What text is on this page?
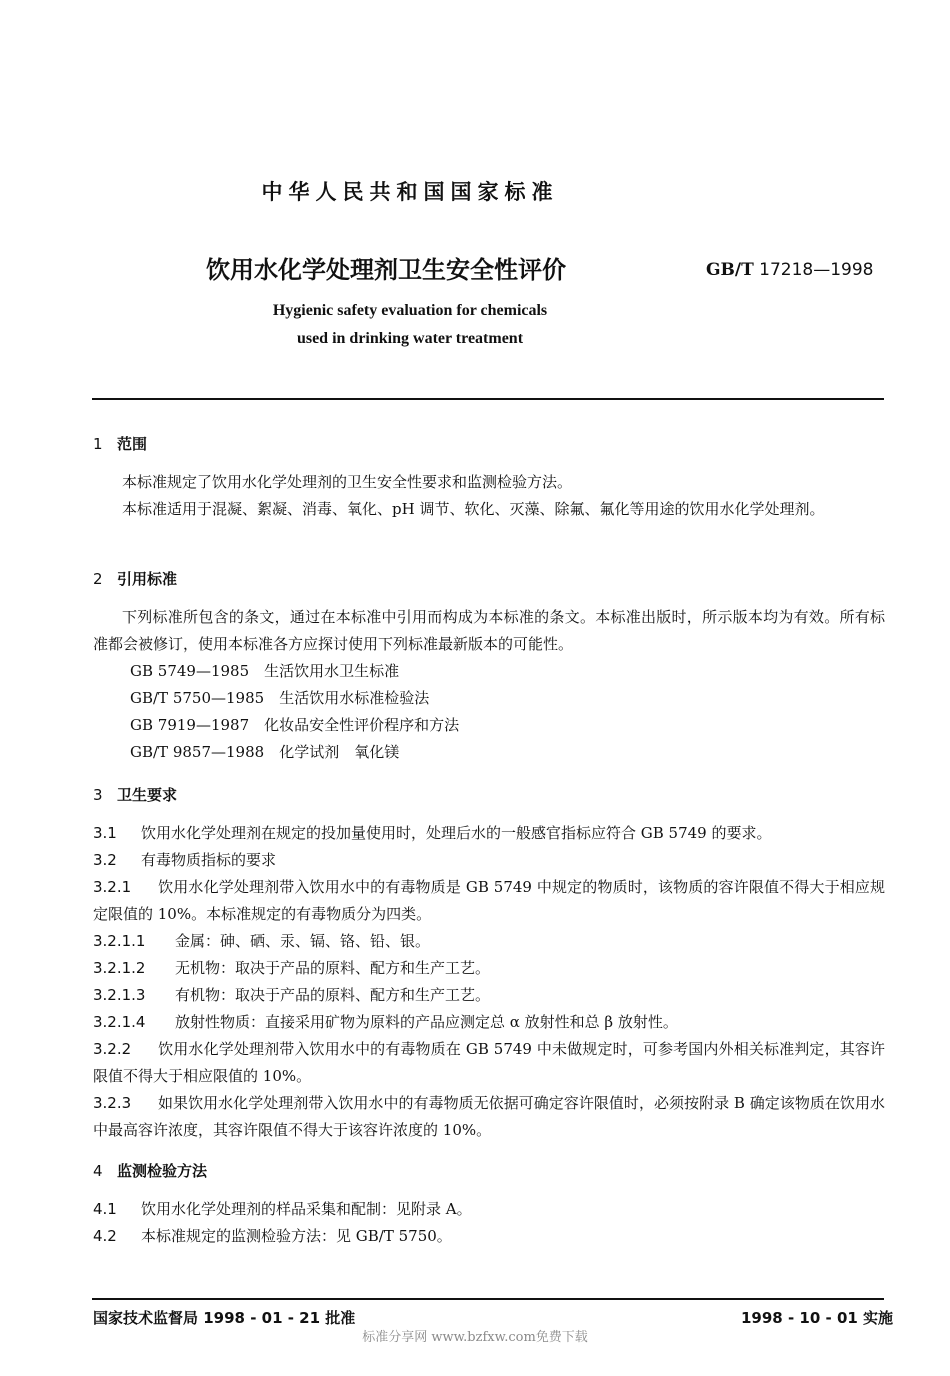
中华人民共和国国家标准
饮用水化学处理剂卫生安全性评价	GB/T 17218—1998
Hygienic safety evaluation for chemicals
used in drinking water treatment
1 范围
本标准规定了饮用水化学处理剂的卫生安全性要求和监测检验方法。
本标准适用于混凝、絮凝、消毒、氧化、pH 调节、软化、灭藻、除氟、氟化等用途的饮用水化学处理剂。
2 引用标准
下列标准所包含的条文，通过在本标准中引用而构成为本标准的条文。本标准出版时，所示版本均为有效。所有标准都会被修订，使用本标准各方应探讨使用下列标准最新版本的可能性。
GB 5749—1985　 生活饮用水卫生标准
GB/T 5750—1985　 生活饮用水标准检验法
GB 7919—1987　 化妆品安全性评价程序和方法
GB/T 9857—1988　 化学试剂　氧化镁
3 卫生要求
3.1 饮用水化学处理剂在规定的投加量使用时，处理后水的一般感官指标应符合 GB 5749 的要求。
3.2 有毒物质指标的要求
3.2.1 饮用水化学处理剂带入饮用水中的有毒物质是 GB 5749 中规定的物质时，该物质的容许限值不得大于相应规定限值的 10%。本标准规定的有毒物质分为四类。
3.2.1.1 金属：砷、硒、汞、镉、铬、铅、银。
3.2.1.2 无机物：取决于产品的原料、配方和生产工艺。
3.2.1.3 有机物：取决于产品的原料、配方和生产工艺。
3.2.1.4 放射性物质：直接采用矿物为原料的产品应测定总 α 放射性和总 β 放射性。
3.2.2 饮用水化学处理剂带入饮用水中的有毒物质在 GB 5749 中未做规定时，可参考国内外相关标准判定，其容许限值不得大于相应限值的 10%。
3.2.3 如果饮用水化学处理剂带入饮用水中的有毒物质无依据可确定容许限值时，必须按附录 B 确定该物质在饮用水中最高容许浓度，其容许限值不得大于该容许浓度的 10%。
4 监测检验方法
4.1 饮用水化学处理剂的样品采集和配制：见附录 A。
4.2 本标准规定的监测检验方法：见 GB/T 5750。
国家技术监督局 1998 - 01 - 21 批准	1998 - 10 - 01 实施
标准分享网 www.bzfxw.com免费下载
